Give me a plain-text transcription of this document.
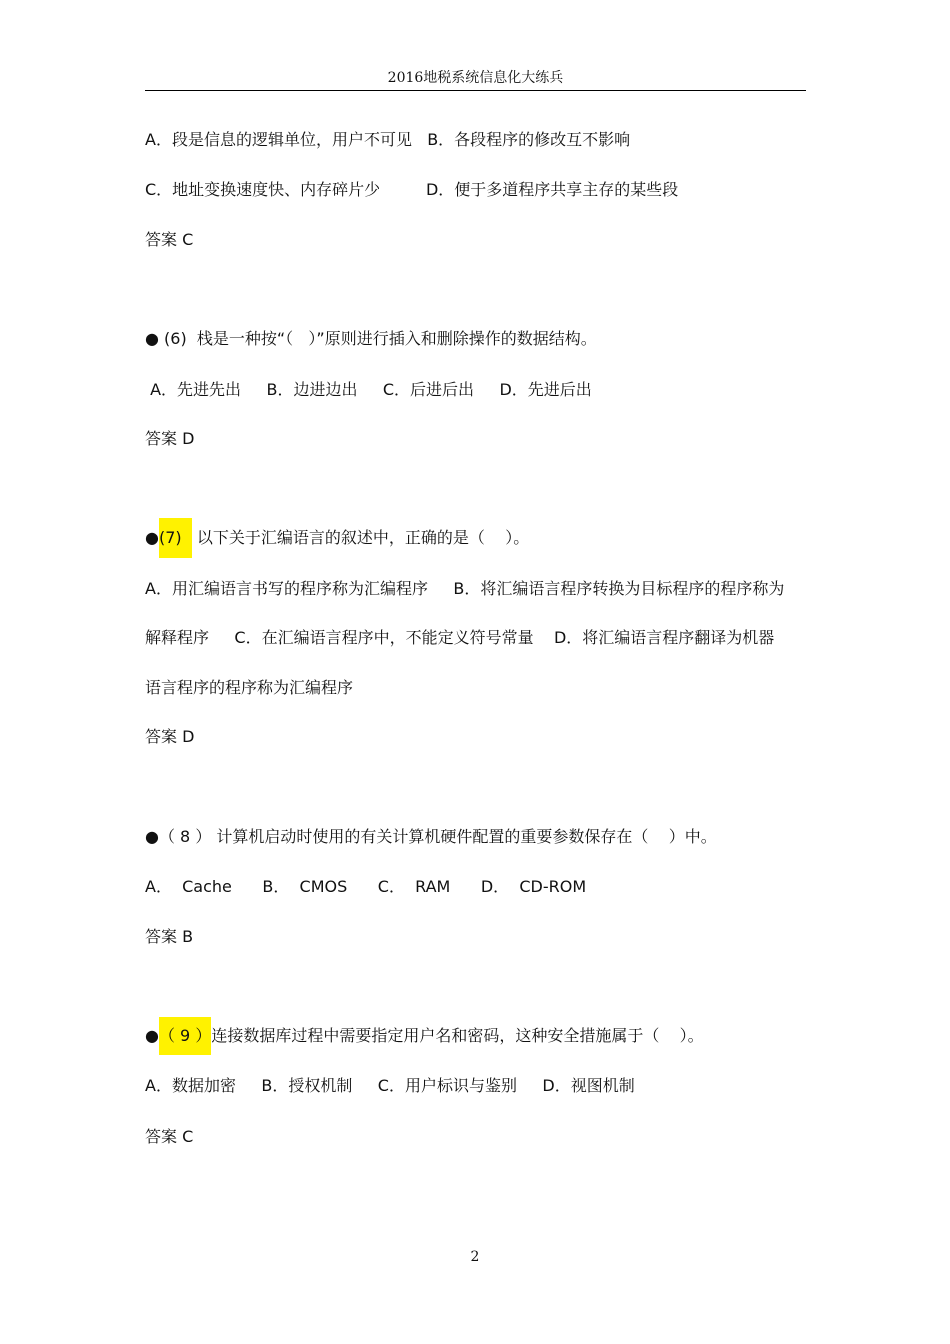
2016地税系统信息化大练兵
A．段是信息的逻辑单位，用户不可见   B．各段程序的修改互不影响
C．地址变换速度快、内存碎片少         D．便于多道程序共享主存的某些段
答案 C
● (6)  栈是一种按“（   ）”原则进行插入和删除操作的数据结构。
A．先进先出     B．边进边出     C．后进后出     D．先进后出
答案 D
●(7)   以下关于汇编语言的叙述中，正确的是（    ）。
A．用汇编语言书写的程序称为汇编程序     B．将汇编语言程序转换为目标程序的程序称为
解释程序     C．在汇编语言程序中，不能定义符号常量    D．将汇编语言程序翻译为机器
语言程序的程序称为汇编程序
答案 D
●（ 8 ） 计算机启动时使用的有关计算机硬件配置的重要参数保存在（    ）中。
A．  Cache      B．  CMOS      C．  RAM      D．  CD-ROM
答案 B
●（ 9 ）连接数据库过程中需要指定用户名和密码，这种安全措施属于（    ）。
A．数据加密     B．授权机制     C．用户标识与鉴别     D．视图机制
答案 C
2
